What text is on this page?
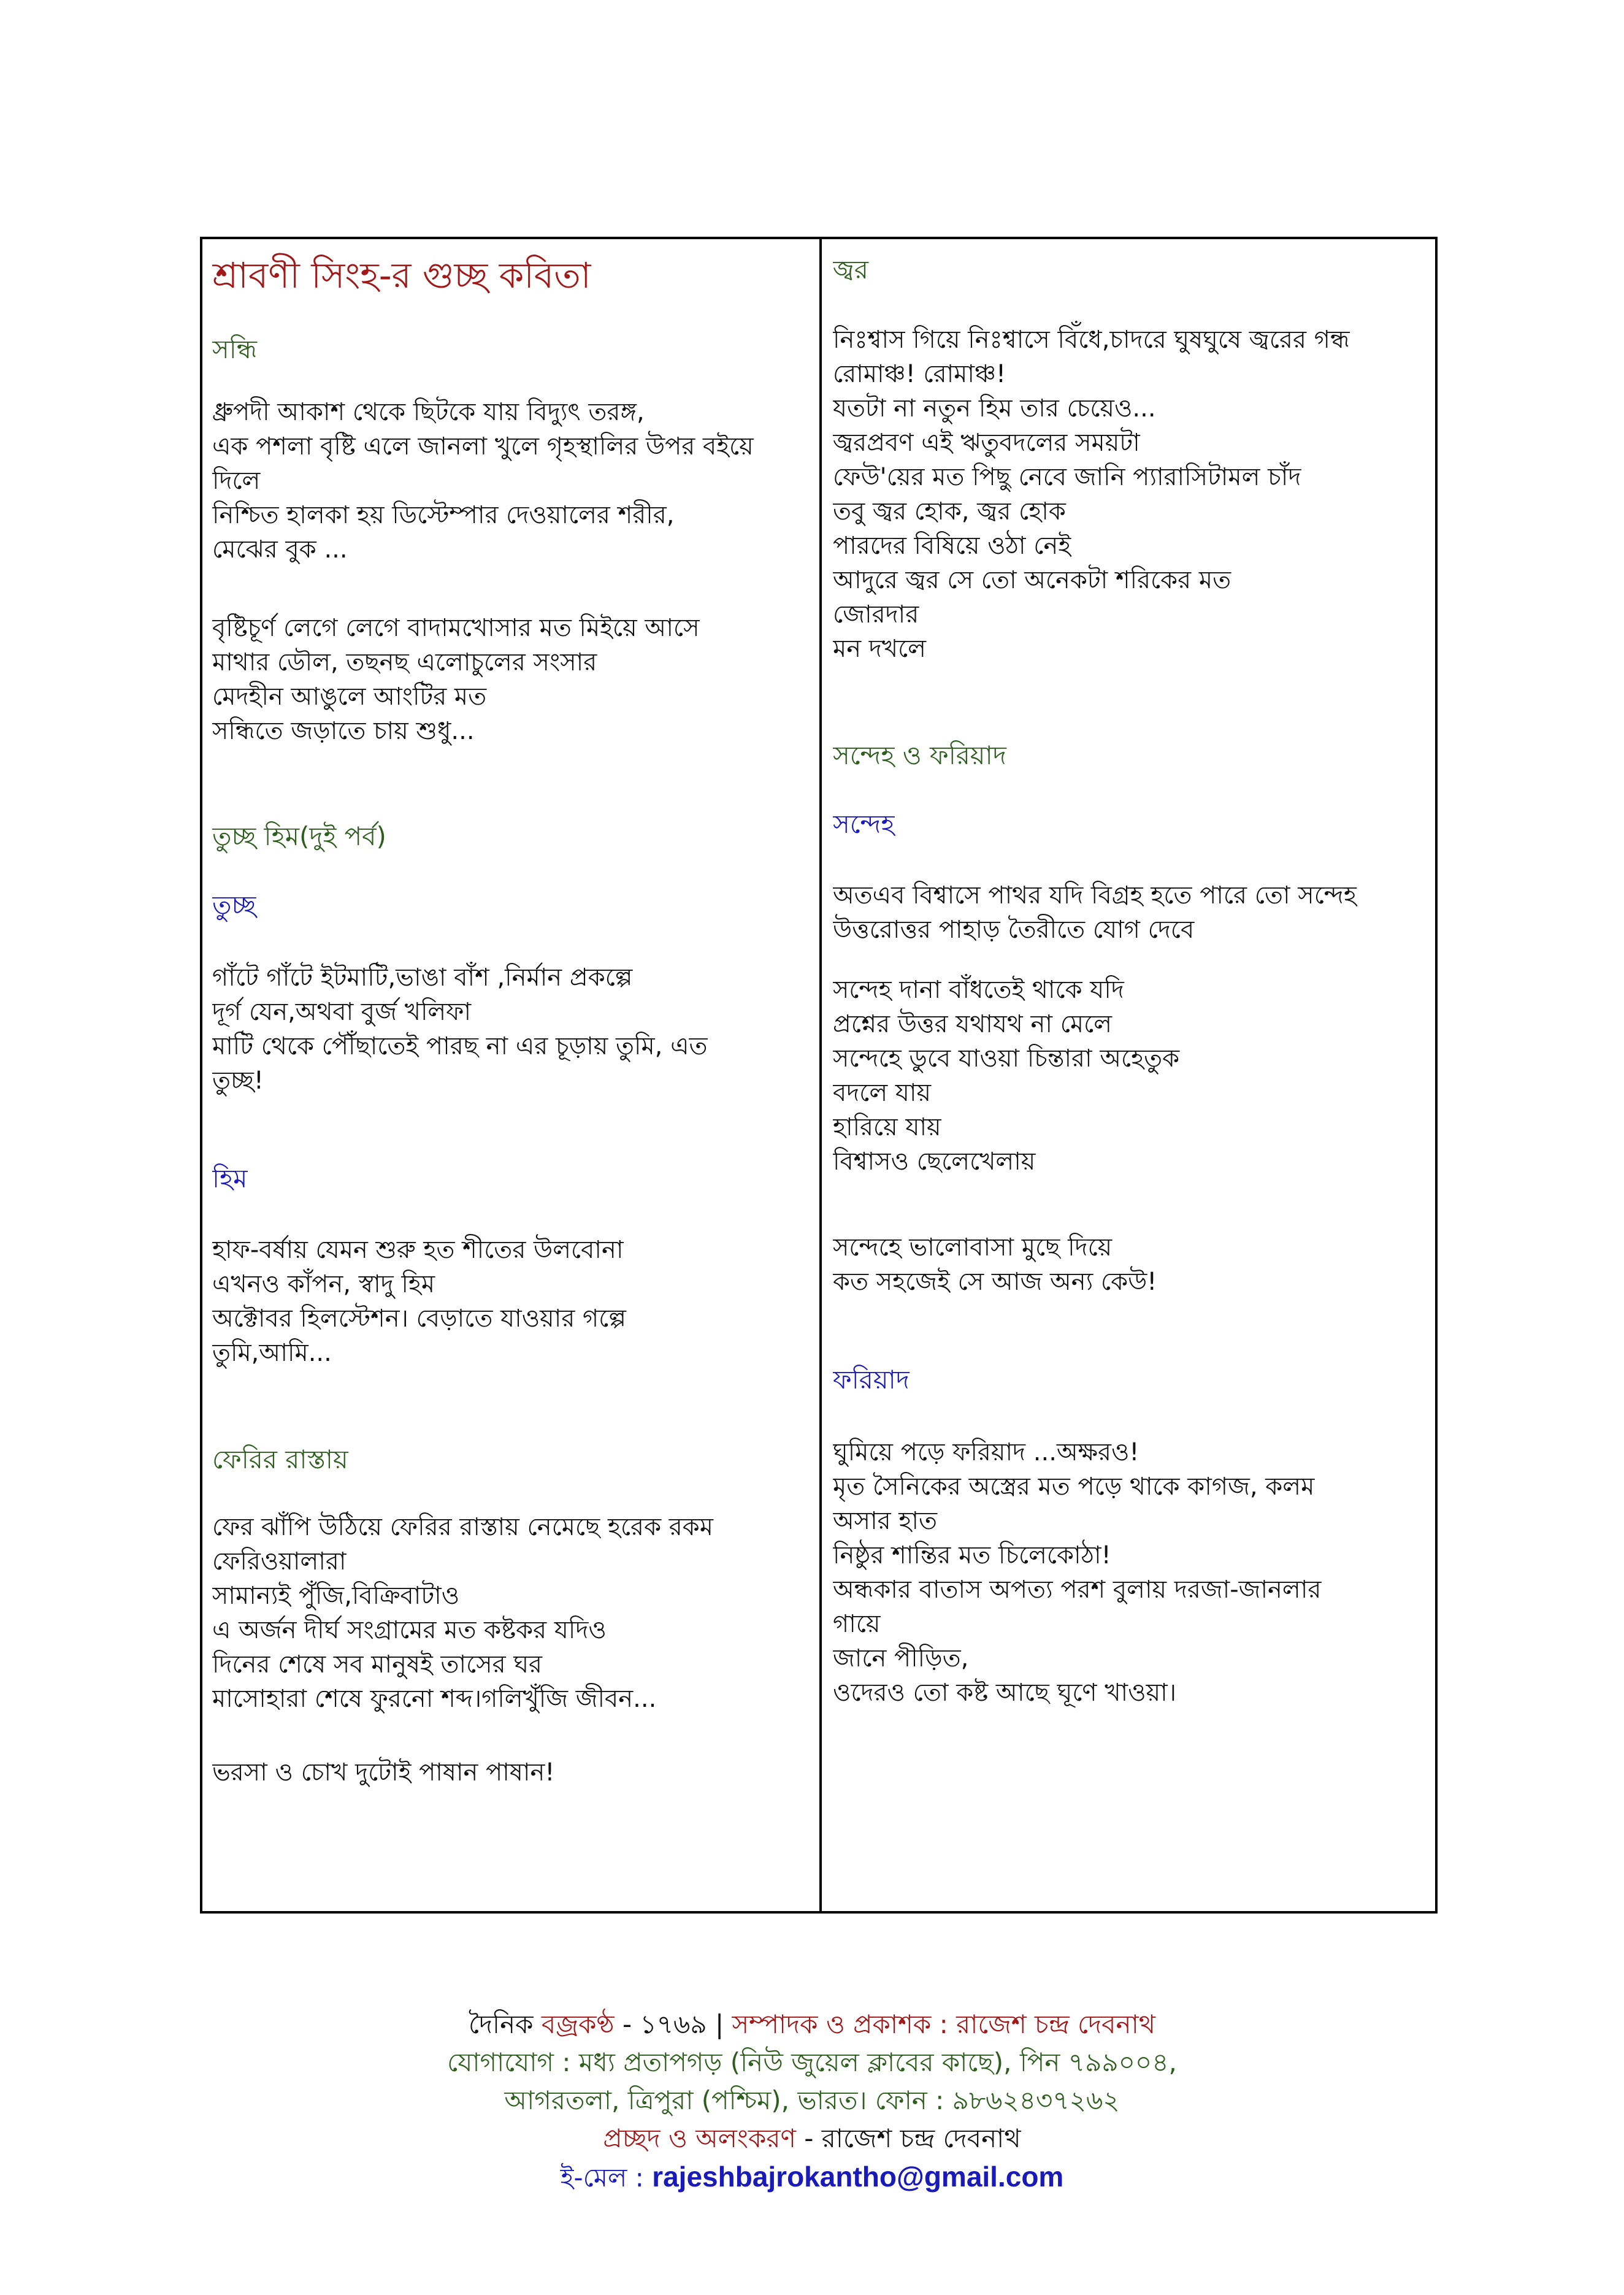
শ্রাবণী সিংহ-র গুচ্ছ কবিতা
সন্ধি
ধ্রুপদী আকাশ থেকে ছিটকে যায় বিদ্যুৎ তরঙ্গ,
এক পশলা বৃষ্টি এলে জানলা খুলে গৃহস্থালির উপর বইয়ে
দিলে
নিশ্চিত হালকা হয় ডিস্টেম্পার দেওয়ালের শরীর,
মেঝের বুক ...
বৃষ্টিচূর্ণ লেগে লেগে বাদামখোসার মত মিইয়ে আসে
মাথার ডৌল, তছনছ এলোচুলের সংসার
মেদহীন আঙুলে আংটির মত
সন্ধিতে জড়াতে চায় শুধু...
তুচ্ছ হিম(দুই পর্ব)
তুচ্ছ
গাঁটে গাঁটে ইটমাটি,ভাঙা বাঁশ ,নির্মান প্রকল্পে
দূর্গ যেন,অথবা বুর্জ খলিফা
মাটি থেকে পৌঁছাতেই পারছ না এর চূড়ায় তুমি, এত
তুচ্ছ!
হিম
হাফ-বর্ষায় যেমন শুরু হত শীতের উলবোনা
এখনও কাঁপন, স্বাদু হিম
অক্টোবর হিলস্টেশন। বেড়াতে যাওয়ার গল্পে
তুমি,আমি...
ফেরির রাস্তায়
ফের ঝাঁপি উঠিয়ে ফেরির রাস্তায় নেমেছে হরেক রকম
ফেরিওয়ালারা
সামান্যই পুঁজি,বিক্রিবাটাও
এ অর্জন দীর্ঘ সংগ্রামের মত কষ্টকর যদিও
দিনের শেষে সব মানুষই তাসের ঘর
মাসোহারা শেষে ফুরনো শব্দ।গলিখুঁজি জীবন...
ভরসা ও চোখ দুটোই পাষান পাষান!
জ্বর
নিঃশ্বাস গিয়ে নিঃশ্বাসে বিঁধে,চাদরে ঘুষঘুষে জ্বরের গন্ধ
রোমাঞ্চ! রোমাঞ্চ!
যতটা না নতুন হিম তার চেয়েও...
জ্বরপ্রবণ এই ঋতুবদলের সময়টা
ফেউ'য়ের মত পিছু নেবে জানি প্যারাসিটামল চাঁদ
তবু জ্বর হোক, জ্বর হোক
পারদের বিষিয়ে ওঠা নেই
আদুরে জ্বর সে তো অনেকটা শরিকের মত
জোরদার
মন দখলে
সন্দেহ ও ফরিয়াদ
সন্দেহ
অতএব বিশ্বাসে পাথর যদি বিগ্রহ হতে পারে তো সন্দেহ
উত্তরোত্তর পাহাড় তৈরীতে যোগ দেবে
সন্দেহ দানা বাঁধতেই থাকে যদি
প্রশ্নের উত্তর যথাযথ না মেলে
সন্দেহে ডুবে যাওয়া চিন্তারা অহেতুক
বদলে যায়
হারিয়ে যায়
বিশ্বাসও ছেলেখেলায়
সন্দেহে ভালোবাসা মুছে দিয়ে
কত সহজেই সে আজ অন্য কেউ!
ফরিয়াদ
ঘুমিয়ে পড়ে ফরিয়াদ ...অক্ষরও!
মৃত সৈনিকের অস্ত্রের মত পড়ে থাকে কাগজ, কলম
অসার হাত
নিষ্ঠুর শান্তির মত চিলেকোঠা!
অন্ধকার বাতাস অপত্য পরশ বুলায় দরজা-জানলার
গায়ে
জানে পীড়িত,
ওদেরও তো কষ্ট আছে ঘূণে খাওয়া।
দৈনিক বজ্রকণ্ঠ - ১৭৬৯ | সম্পাদক ও প্রকাশক : রাজেশ চন্দ্র দেবনাথ
যোগাযোগ : মধ্য প্রতাপগড় (নিউ জুয়েল ক্লাবের কাছে), পিন ৭৯৯০০৪,
আগরতলা, ত্রিপুরা (পশ্চিম), ভারত। ফোন : ৯৮৬২৪৩৭২৬২
প্রচ্ছদ ও অলংকরণ - রাজেশ চন্দ্র দেবনাথ
ই-মেল : rajeshbajrokantho@gmail.com
